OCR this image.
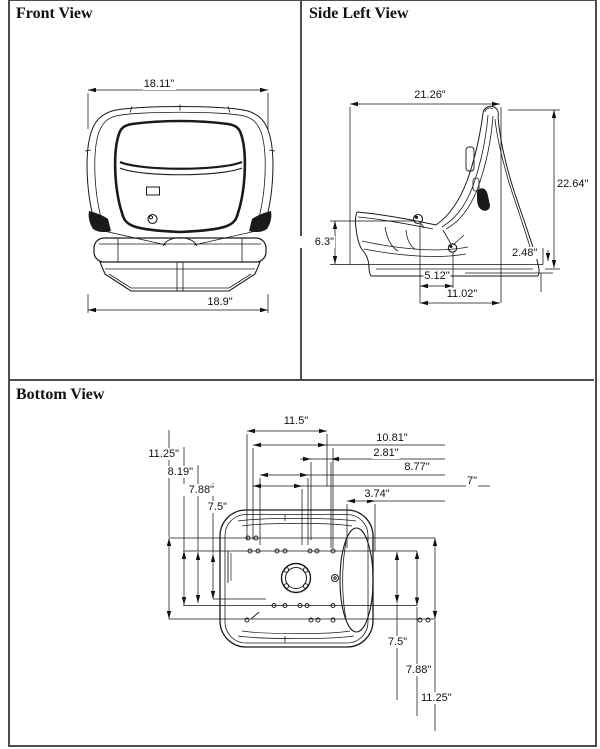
Front View
18.11"
18.9"
Side Left View
21.26"
22.64"
6.3"
5.12"
11.02"
2.48"
Bottom View
11.5"
10.81"
2.81"
8.77"
7"
3.74"
11.25"
8.19"
7.88"
7.5"
7.5"
7.88"
11.25"
